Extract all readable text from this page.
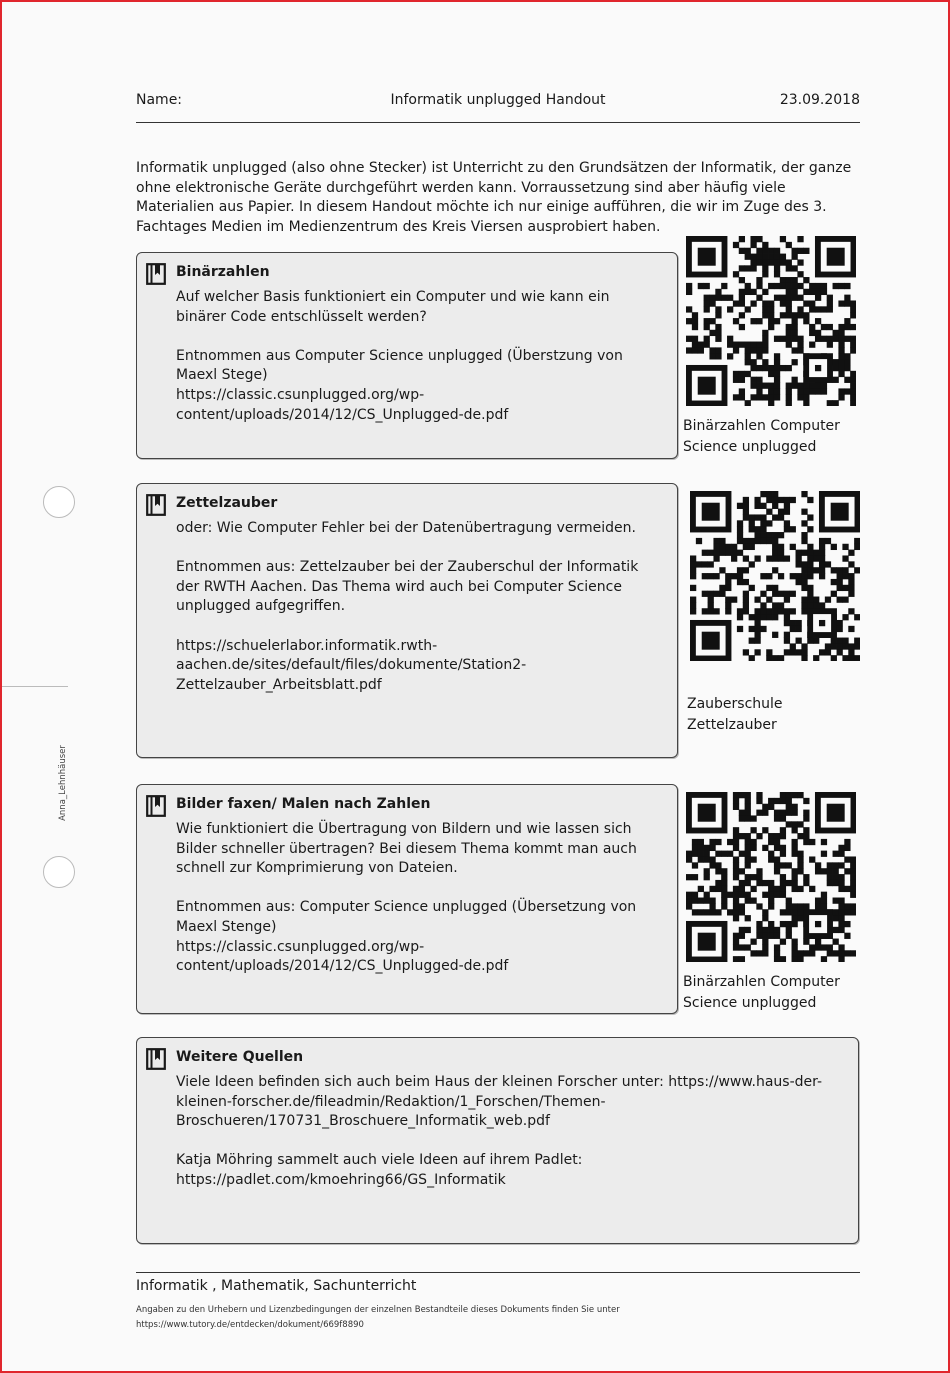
Informatik unplugged Handout
Name:	23.09.2018
Informatik unplugged (also ohne Stecker) ist Unterricht zu den Grundsätzen der Informatik, der ganze ohne elektronische Geräte durchgeführt werden kann. Vorraussetzung sind aber häufig viele Materialien aus Papier. In diesem Handout möchte ich nur einige aufführen, die wir im Zuge des 3. Fachtages Medien im Medienzentrum des Kreis Viersen ausprobiert haben.
Binärzahlen
Auf welcher Basis funktioniert ein Computer und wie kann ein binärer Code entschlüsselt werden?

Entnommen aus Computer Science unplugged (Überstzung von Maexl Stege)
https://classic.csunplugged.org/wp-content/uploads/2014/12/CS_Unplugged-de.pdf
Zettelzauber
oder: Wie Computer Fehler bei der Datenübertragung vermeiden.

Entnommen aus: Zettelzauber bei der Zauberschul der Informatik der RWTH Aachen. Das Thema wird auch bei Computer Science unplugged aufgegriffen.

https://schuelerlabor.informatik.rwth-aachen.de/sites/default/files/dokumente/Station2-Zettelzauber_Arbeitsblatt.pdf
Bilder faxen/ Malen nach Zahlen
Wie funktioniert die Übertragung von Bildern und wie lassen sich Bilder schneller übertragen? Bei diesem Thema kommt man auch schnell zur Komprimierung von Dateien.

Entnommen aus: Computer Science unplugged (Übersetzung von Maexl Stenge)
https://classic.csunplugged.org/wp-content/uploads/2014/12/CS_Unplugged-de.pdf
Weitere Quellen
Viele Ideen befinden sich auch beim Haus der kleinen Forscher unter: https://www.haus-der-kleinen-forscher.de/fileadmin/Redaktion/1_Forschen/Themen-Broschueren/170731_Broschuere_Informatik_web.pdf

Katja Möhring sammelt auch viele Ideen auf ihrem Padlet:
https://padlet.com/kmoehring66/GS_Informatik
Binärzahlen Computer Science unplugged
Zauberschule Zettelzauber
Binärzahlen Computer Science unplugged
Anna_Lehnhäuser
Informatik , Mathematik, Sachunterricht
Angaben zu den Urhebern und Lizenzbedingungen der einzelnen Bestandteile dieses Dokuments finden Sie unter
https://www.tutory.de/entdecken/dokument/669f8890
